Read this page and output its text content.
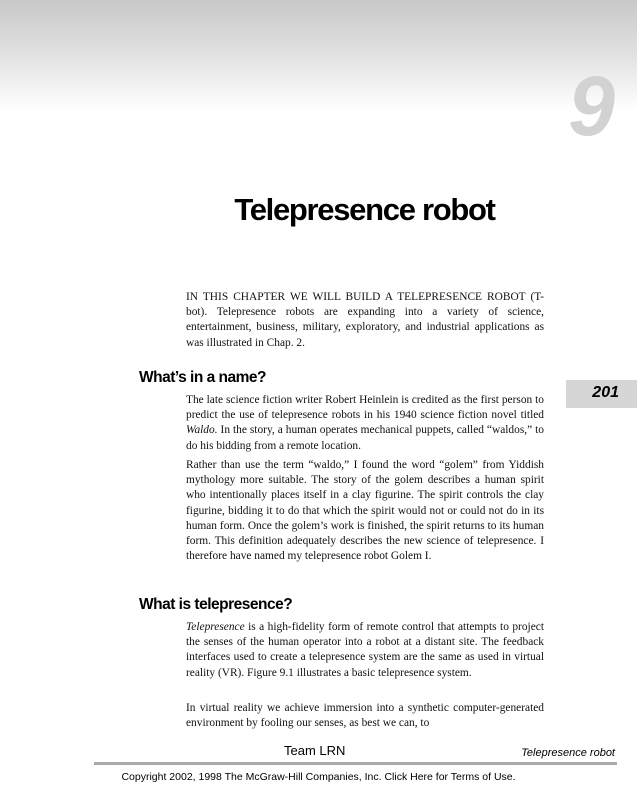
9
Telepresence robot
201

IN THIS CHAPTER WE WILL BUILD A TELEPRESENCE ROBOT (T-bot). Telepresence robots are expanding into a variety of science, entertainment, business, military, exploratory, and industrial applications as was illustrated in Chap. 2.

What’s in a name?

The late science fiction writer Robert Heinlein is credited as the first person to predict the use of telepresence robots in his 1940 science fiction novel titled Waldo. In the story, a human operates mechanical puppets, called “waldos,” to do his bidding from a remote location.

Rather than use the term “waldo,” I found the word “golem” from Yiddish mythology more suitable. The story of the golem describes a human spirit who intentionally places itself in a clay figurine. The spirit controls the clay figurine, bidding it to do that which the spirit would not or could not do in its human form. Once the golem’s work is finished, the spirit returns to its human form. This definition adequately describes the new science of telepresence. I therefore have named my telepresence robot Golem I.

What is telepresence?

Telepresence is a high-fidelity form of remote control that attempts to project the senses of the human operator into a robot at a distant site. The feedback interfaces used to create a telepresence system are the same as used in virtual reality (VR). Figure 9.1 illustrates a basic telepresence system.

In virtual reality we achieve immersion into a synthetic computer-generated environment by fooling our senses, as best we can, to

Team LRN	Telepresence robot
Copyright 2002, 1998 The McGraw-Hill Companies, Inc. Click Here for Terms of Use.
